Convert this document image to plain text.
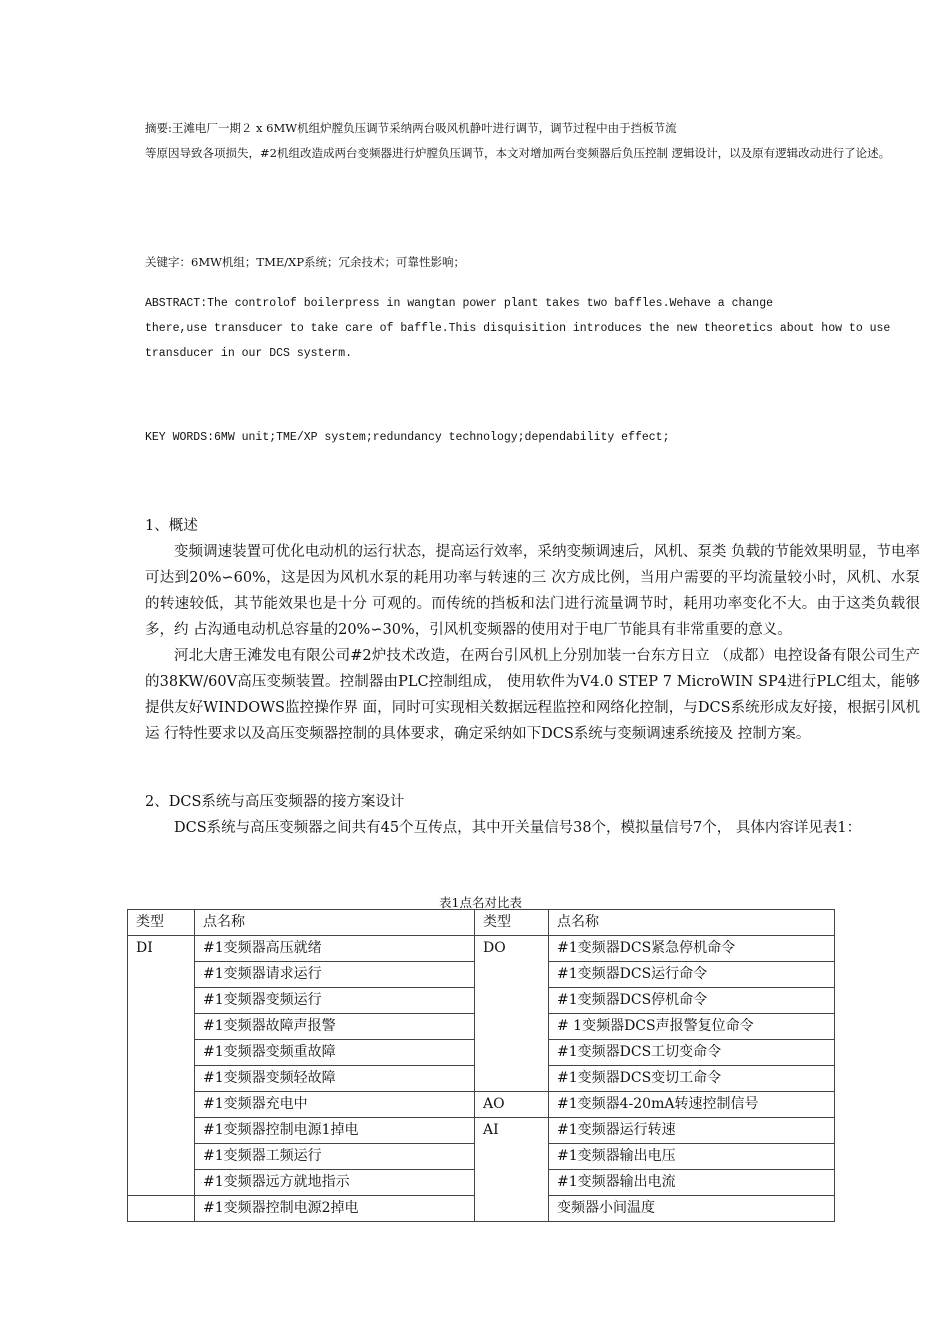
摘要:王滩电厂一期２ x 6MW机组炉膛负压调节采纳两台吸风机静叶进行调节，调节过程中由于挡板节流
等原因导致各项损失，#2机组改造成两台变频器进行炉膛负压调节，本文对增加两台变频器后负压控制 逻辑设计，以及原有逻辑改动进行了论述。
关键字：6MW机组；TME/XP系统；冗余技术；可靠性影响；
ABSTRACT:The controlof boilerpress in wangtan power plant takes two baffles.Wehave a change
there,use transducer to take care of baffle.This disquisition introduces the new theoretics about how to use transducer in our DCS systerm.
KEY WORDS:6MW unit;TME/XP system;redundancy technology;dependability effect;
1、概述

变频调速装置可优化电动机的运行状态，提高运行效率，采纳变频调速后，风机、泵类 负载的节能效果明显，节电率可达到20%∽60%，这是因为风机水泵的耗用功率与转速的三 次方成比例，当用户需要的平均流量较小时，风机、水泵的转速较低，其节能效果也是十分 可观的。而传统的挡板和法门进行流量调节时，耗用功率变化不大。由于这类负载很多，约 占沟通电动机总容量的20%∽30%，引风机变频器的使用对于电厂节能具有非常重要的意义。

河北大唐王滩发电有限公司#2炉技术改造，在两台引风机上分别加装一台东方日立 （成都）电控设备有限公司生产的38KW/60V高压变频装置。控制器由PLC控制组成， 使用软件为V4.0 STEP 7 MicroWIN SP4进行PLC组太，能够提供友好WINDOWS监控操作界 面，同时可实现相关数据远程监控和网络化控制，与DCS系统形成友好接，根据引风机运 行特性要求以及高压变频器控制的具体要求，确定采纳如下DCS系统与变频调速系统接及 控制方案。

2、DCS系统与高压变频器的接方案设计

DCS系统与高压变频器之间共有45个互传点，其中开关量信号38个，模拟量信号7个， 具体内容详见表1：

表1点名对比表
类型	点名称	类型	点名称
DI	#1变频器高压就绪	DO	#1变频器DCS紧急停机命令
	#1变频器请求运行		#1变频器DCS运行命令
	#1变频器变频运行		#1变频器DCS停机命令
	#1变频器故障声报警		# 1变频器DCS声报警复位命令
	#1变频器变频重故障		#1变频器DCS工切变命令
	#1变频器变频轻故障		#1变频器DCS变切工命令
	#1变频器充电中	AO	#1变频器4-20mA转速控制信号
	#1变频器控制电源1掉电	AI	#1变频器运行转速
	#1变频器工频运行		#1变频器输出电压
	#1变频器远方就地指示		#1变频器输出电流
	#1变频器控制电源2掉电		变频器小间温度
